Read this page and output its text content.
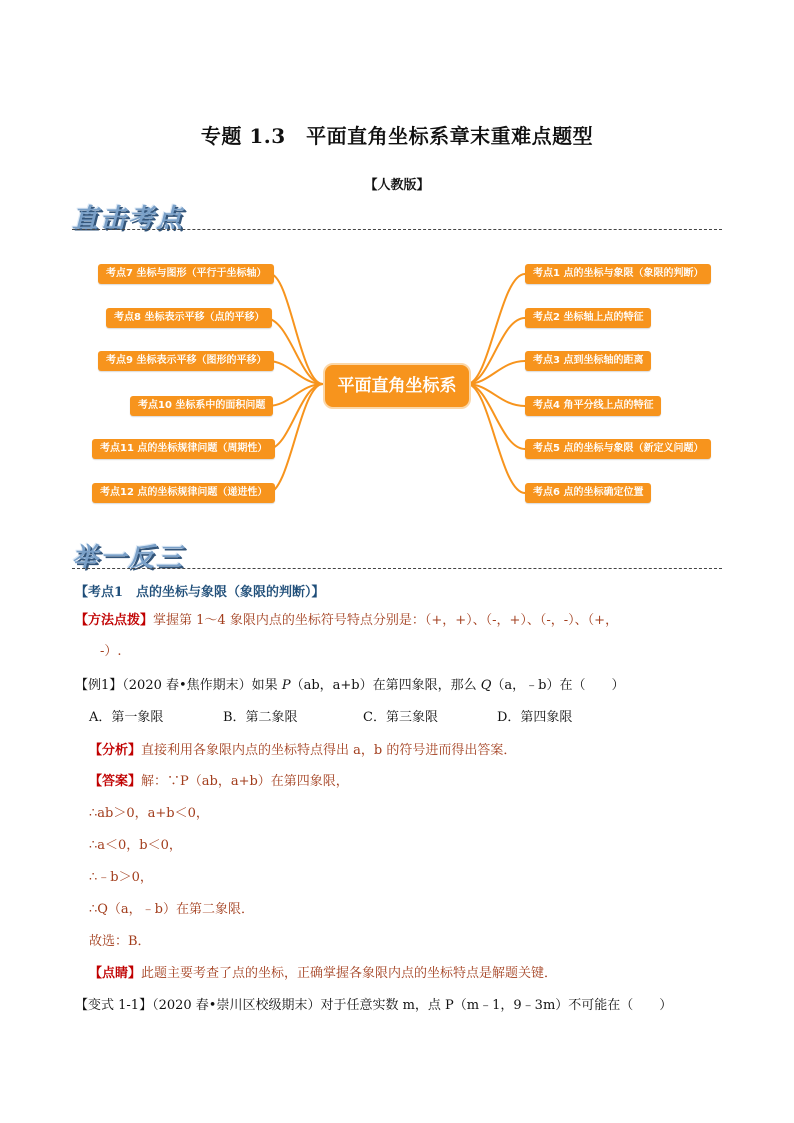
专题 1.3　平面直角坐标系章末重难点题型
【人教版】
直击考点
平面直角坐标系
考点7 坐标与图形（平行于坐标轴）
考点8 坐标表示平移（点的平移）
考点9 坐标表示平移（图形的平移）
考点10 坐标系中的面积问题
考点11 点的坐标规律问题（周期性）
考点12 点的坐标规律问题（递进性）
考点1 点的坐标与象限（象限的判断）
考点2 坐标轴上点的特征
考点3 点到坐标轴的距离
考点4 角平分线上点的特征
考点5 点的坐标与象限（新定义问题）
考点6 点的坐标确定位置
举一反三
【考点1　点的坐标与象限（象限的判断）】
【方法点拨】掌握第 1～4 象限内点的坐标符号特点分别是：（+，+）、（-，+）、（-，-）、（+，
-）.
【例1】（2020 春•焦作期末）如果 P（ab，a+b）在第四象限，那么 Q（a，﹣b）在（　　）
A．第一象限	B．第二象限	C．第三象限	D．第四象限
【分析】直接利用各象限内点的坐标特点得出 a，b 的符号进而得出答案．
【答案】解：∵P（ab，a+b）在第四象限，
∴ab＞0，a+b＜0，
∴a＜0，b＜0，
∴﹣b＞0，
∴Q（a，﹣b）在第二象限．
故选：B．
【点睛】此题主要考查了点的坐标，正确掌握各象限内点的坐标特点是解题关键．
【变式 1-1】（2020 春•崇川区校级期末）对于任意实数 m，点 P（m﹣1，9﹣3m）不可能在（　　）
